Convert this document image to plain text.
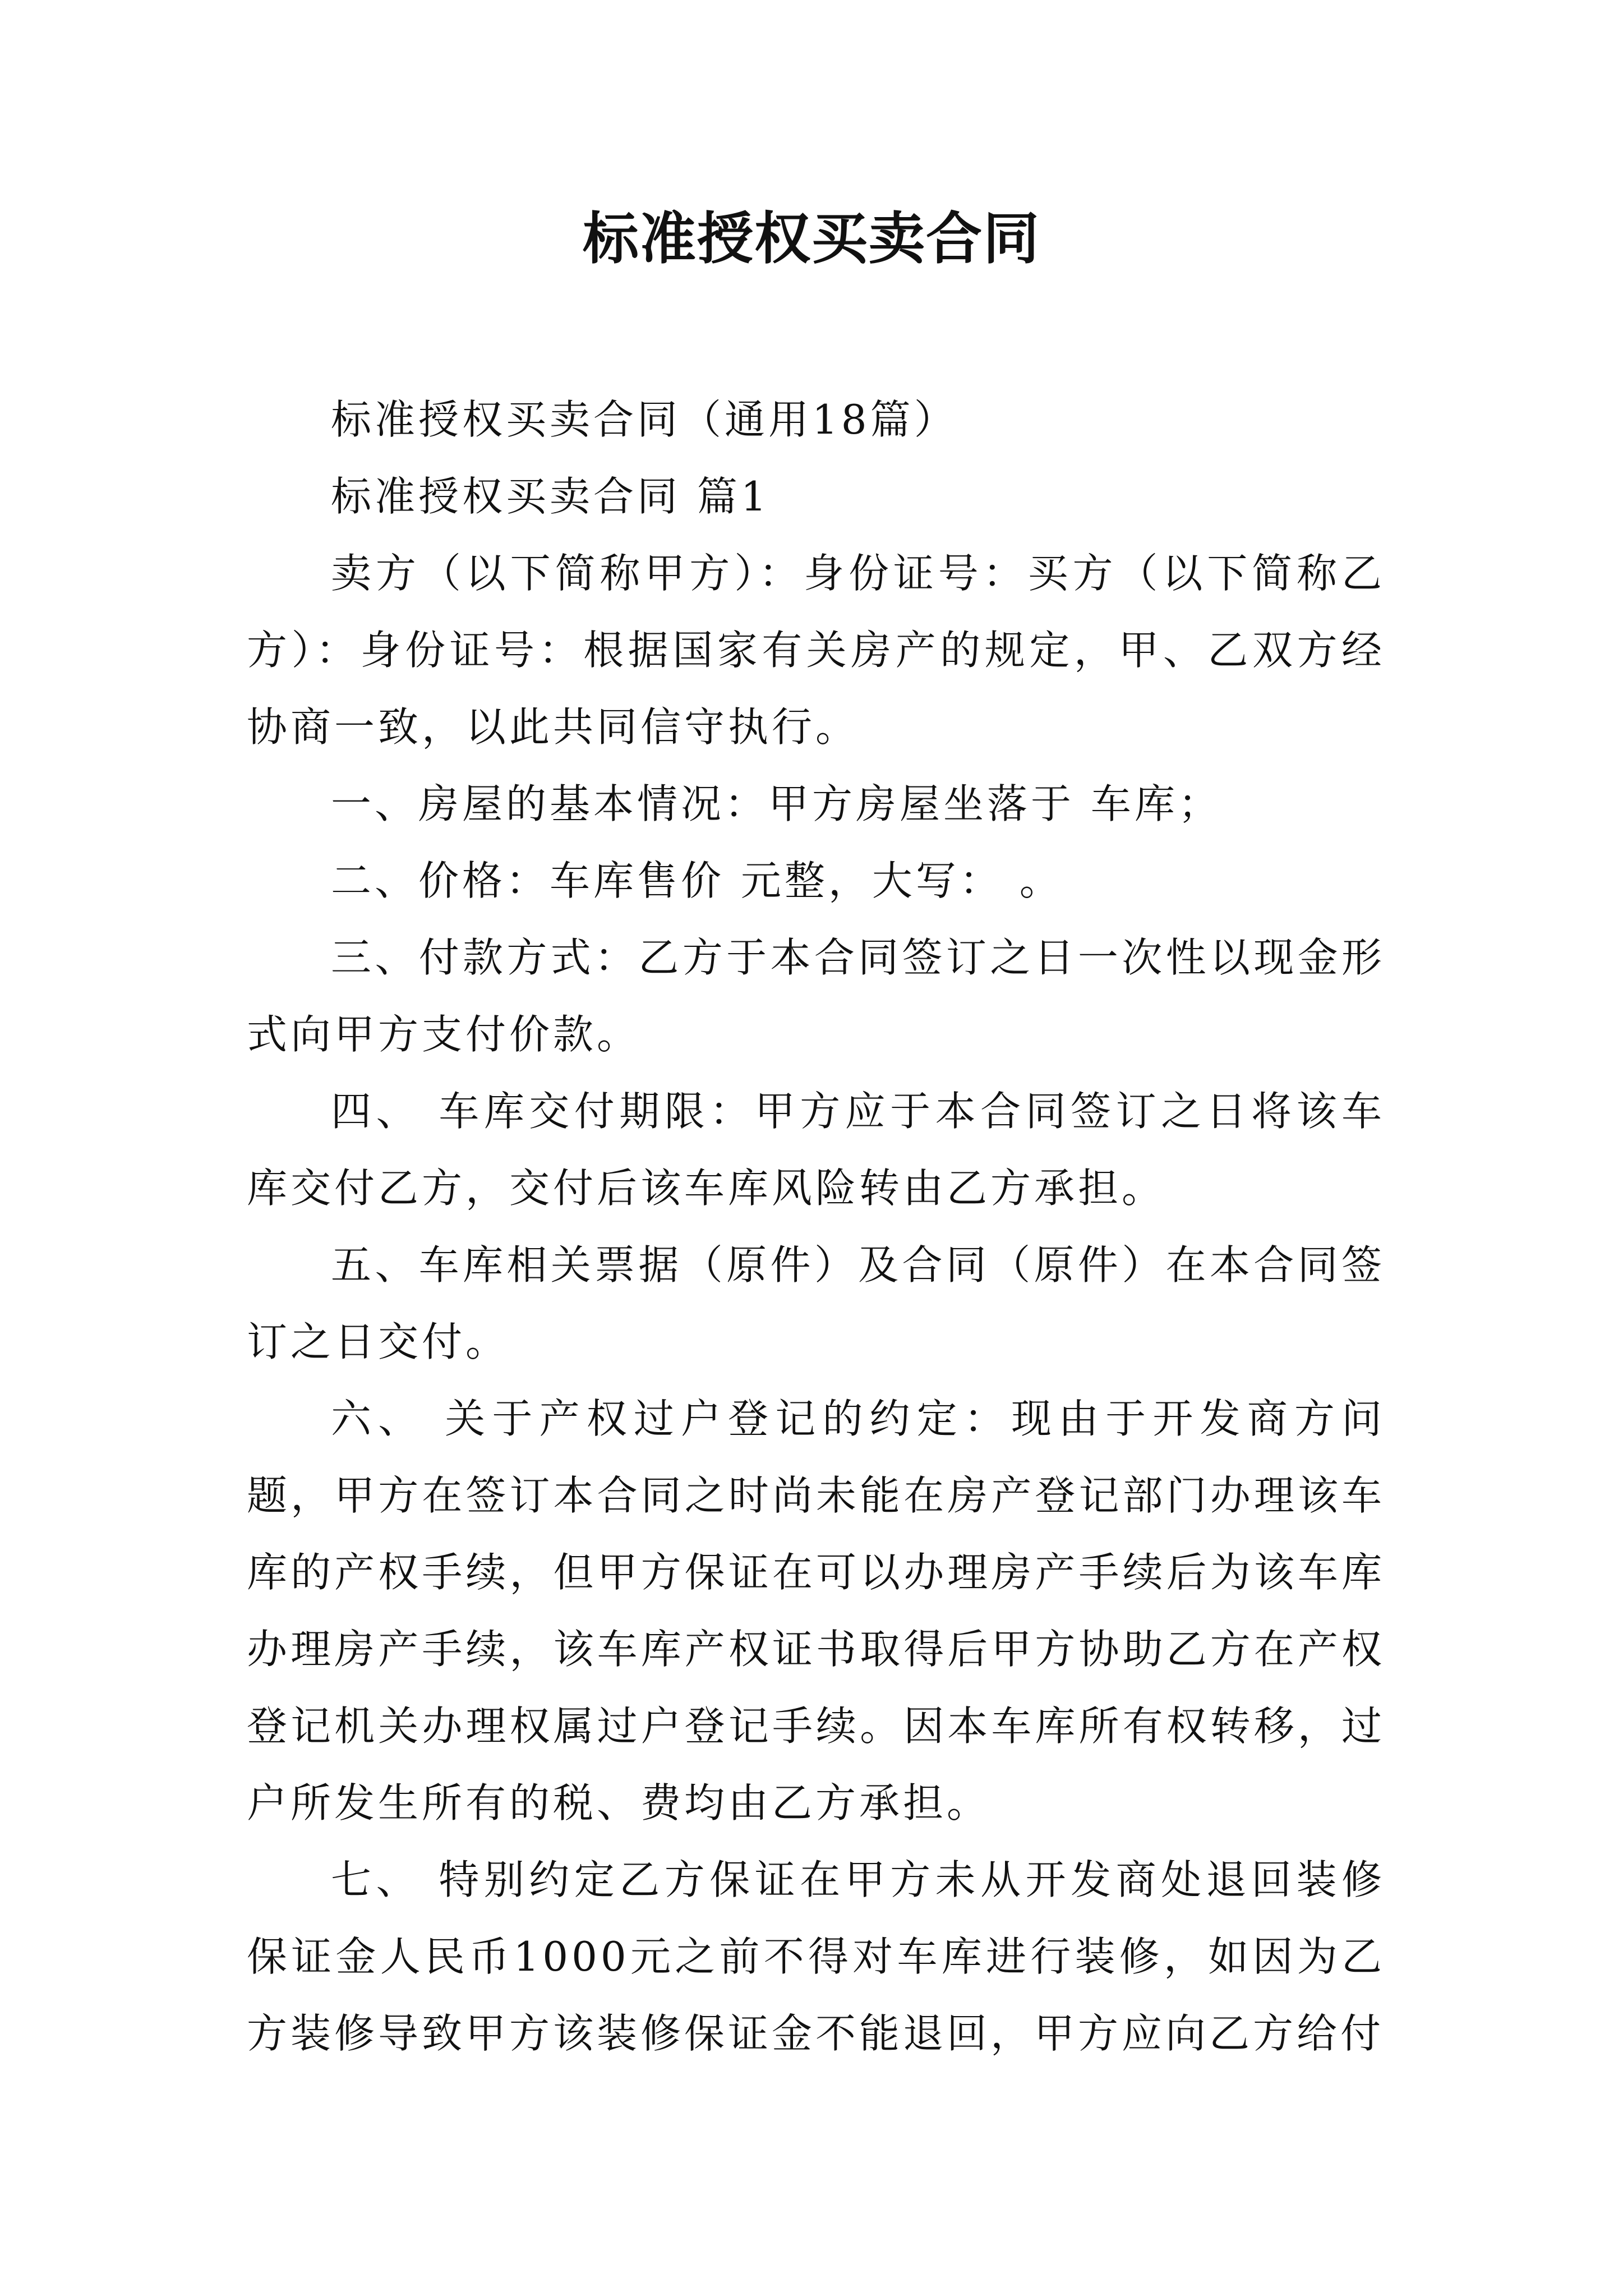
标准授权买卖合同

标准授权买卖合同（通用18篇）

标准授权买卖合同 篇1

卖方（以下简称甲方）：身份证号：买方（以下简称乙方）：身份证号：根据国家有关房产的规定，甲、乙双方经协商一致，以此共同信守执行。

一、房屋的基本情况：甲方房屋坐落于 车库；

二、价格：车库售价 元整，大写： 。

三、付款方式：乙方于本合同签订之日一次性以现金形式向甲方支付价款。

四、 车库交付期限：甲方应于本合同签订之日将该车库交付乙方，交付后该车库风险转由乙方承担。

五、车库相关票据（原件）及合同（原件）在本合同签订之日交付。

六、 关于产权过户登记的约定：现由于开发商方问题，甲方在签订本合同之时尚未能在房产登记部门办理该车库的产权手续，但甲方保证在可以办理房产手续后为该车库办理房产手续，该车库产权证书取得后甲方协助乙方在产权登记机关办理权属过户登记手续。因本车库所有权转移，过户所发生所有的税、费均由乙方承担。

七、 特别约定乙方保证在甲方未从开发商处退回装修保证金人民币1000元之前不得对车库进行装修，如因为乙方装修导致甲方该装修保证金不能退回，甲方应向乙方给付
